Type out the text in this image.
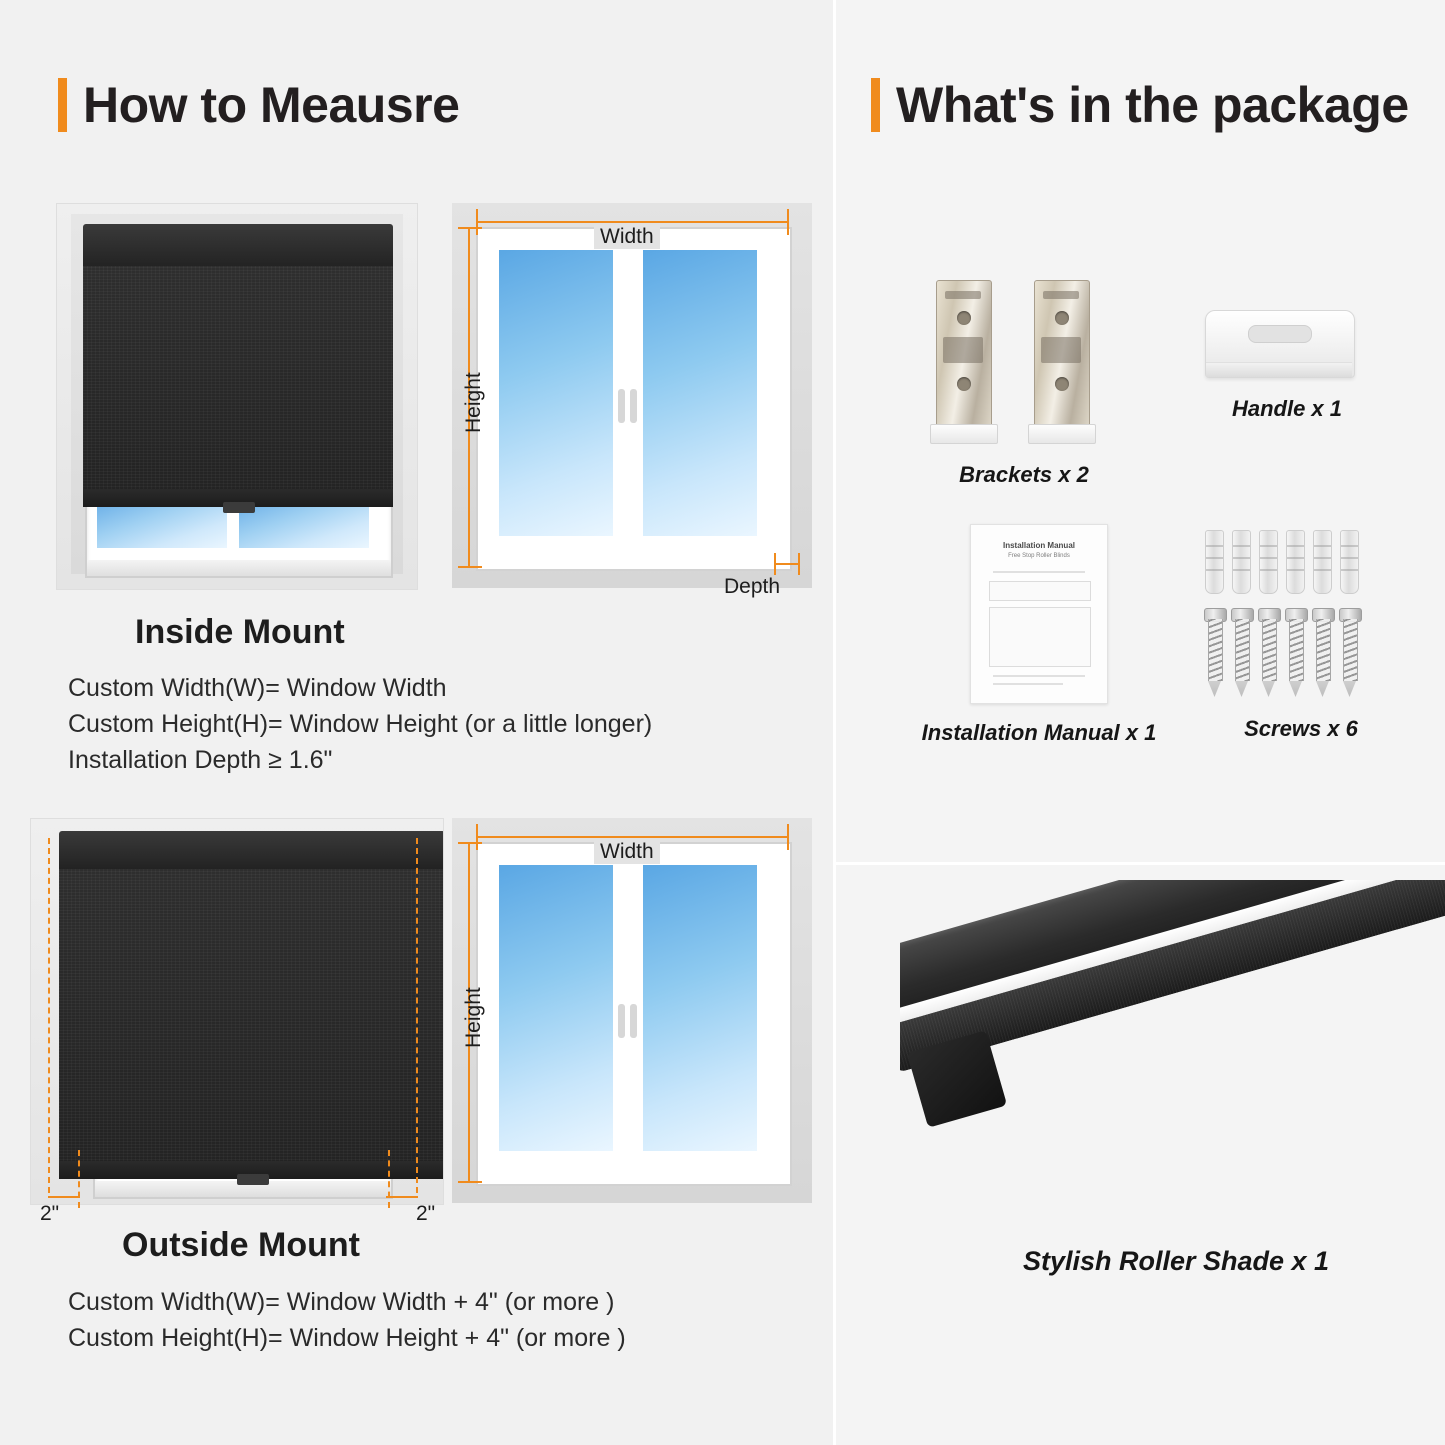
How to Meausre	What's in the package
Width
Height
Depth
Inside Mount
Custom Width(W)= Window Width
Custom Height(H)= Window Height (or a little longer)
Installation Depth ≥ 1.6"
2"	2"
Width
Height
Outside Mount
Custom Width(W)= Window Width + 4" (or more )
Custom Height(H)= Window Height + 4" (or more )
Brackets x 2
Handle x 1
Installation Manual
Free Stop Roller Blinds
Installation Manual x 1	Screws x 6
Stylish Roller Shade x 1
